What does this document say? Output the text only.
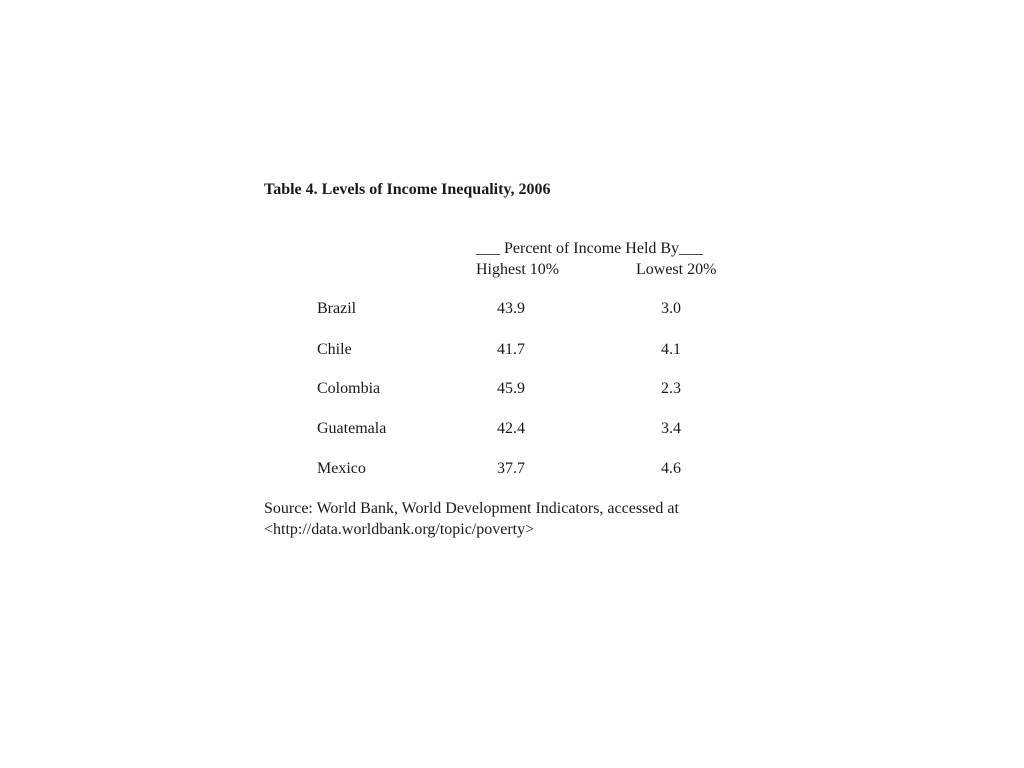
Table 4. Levels of Income Inequality, 2006
___ Percent of Income Held By___
Highest 10%	Lowest 20%
Brazil	43.9	3.0
Chile	41.7	4.1
Colombia	45.9	2.3
Guatemala	42.4	3.4
Mexico	37.7	4.6
Source: World Bank, World Development Indicators, accessed at
<http://data.worldbank.org/topic/poverty>
